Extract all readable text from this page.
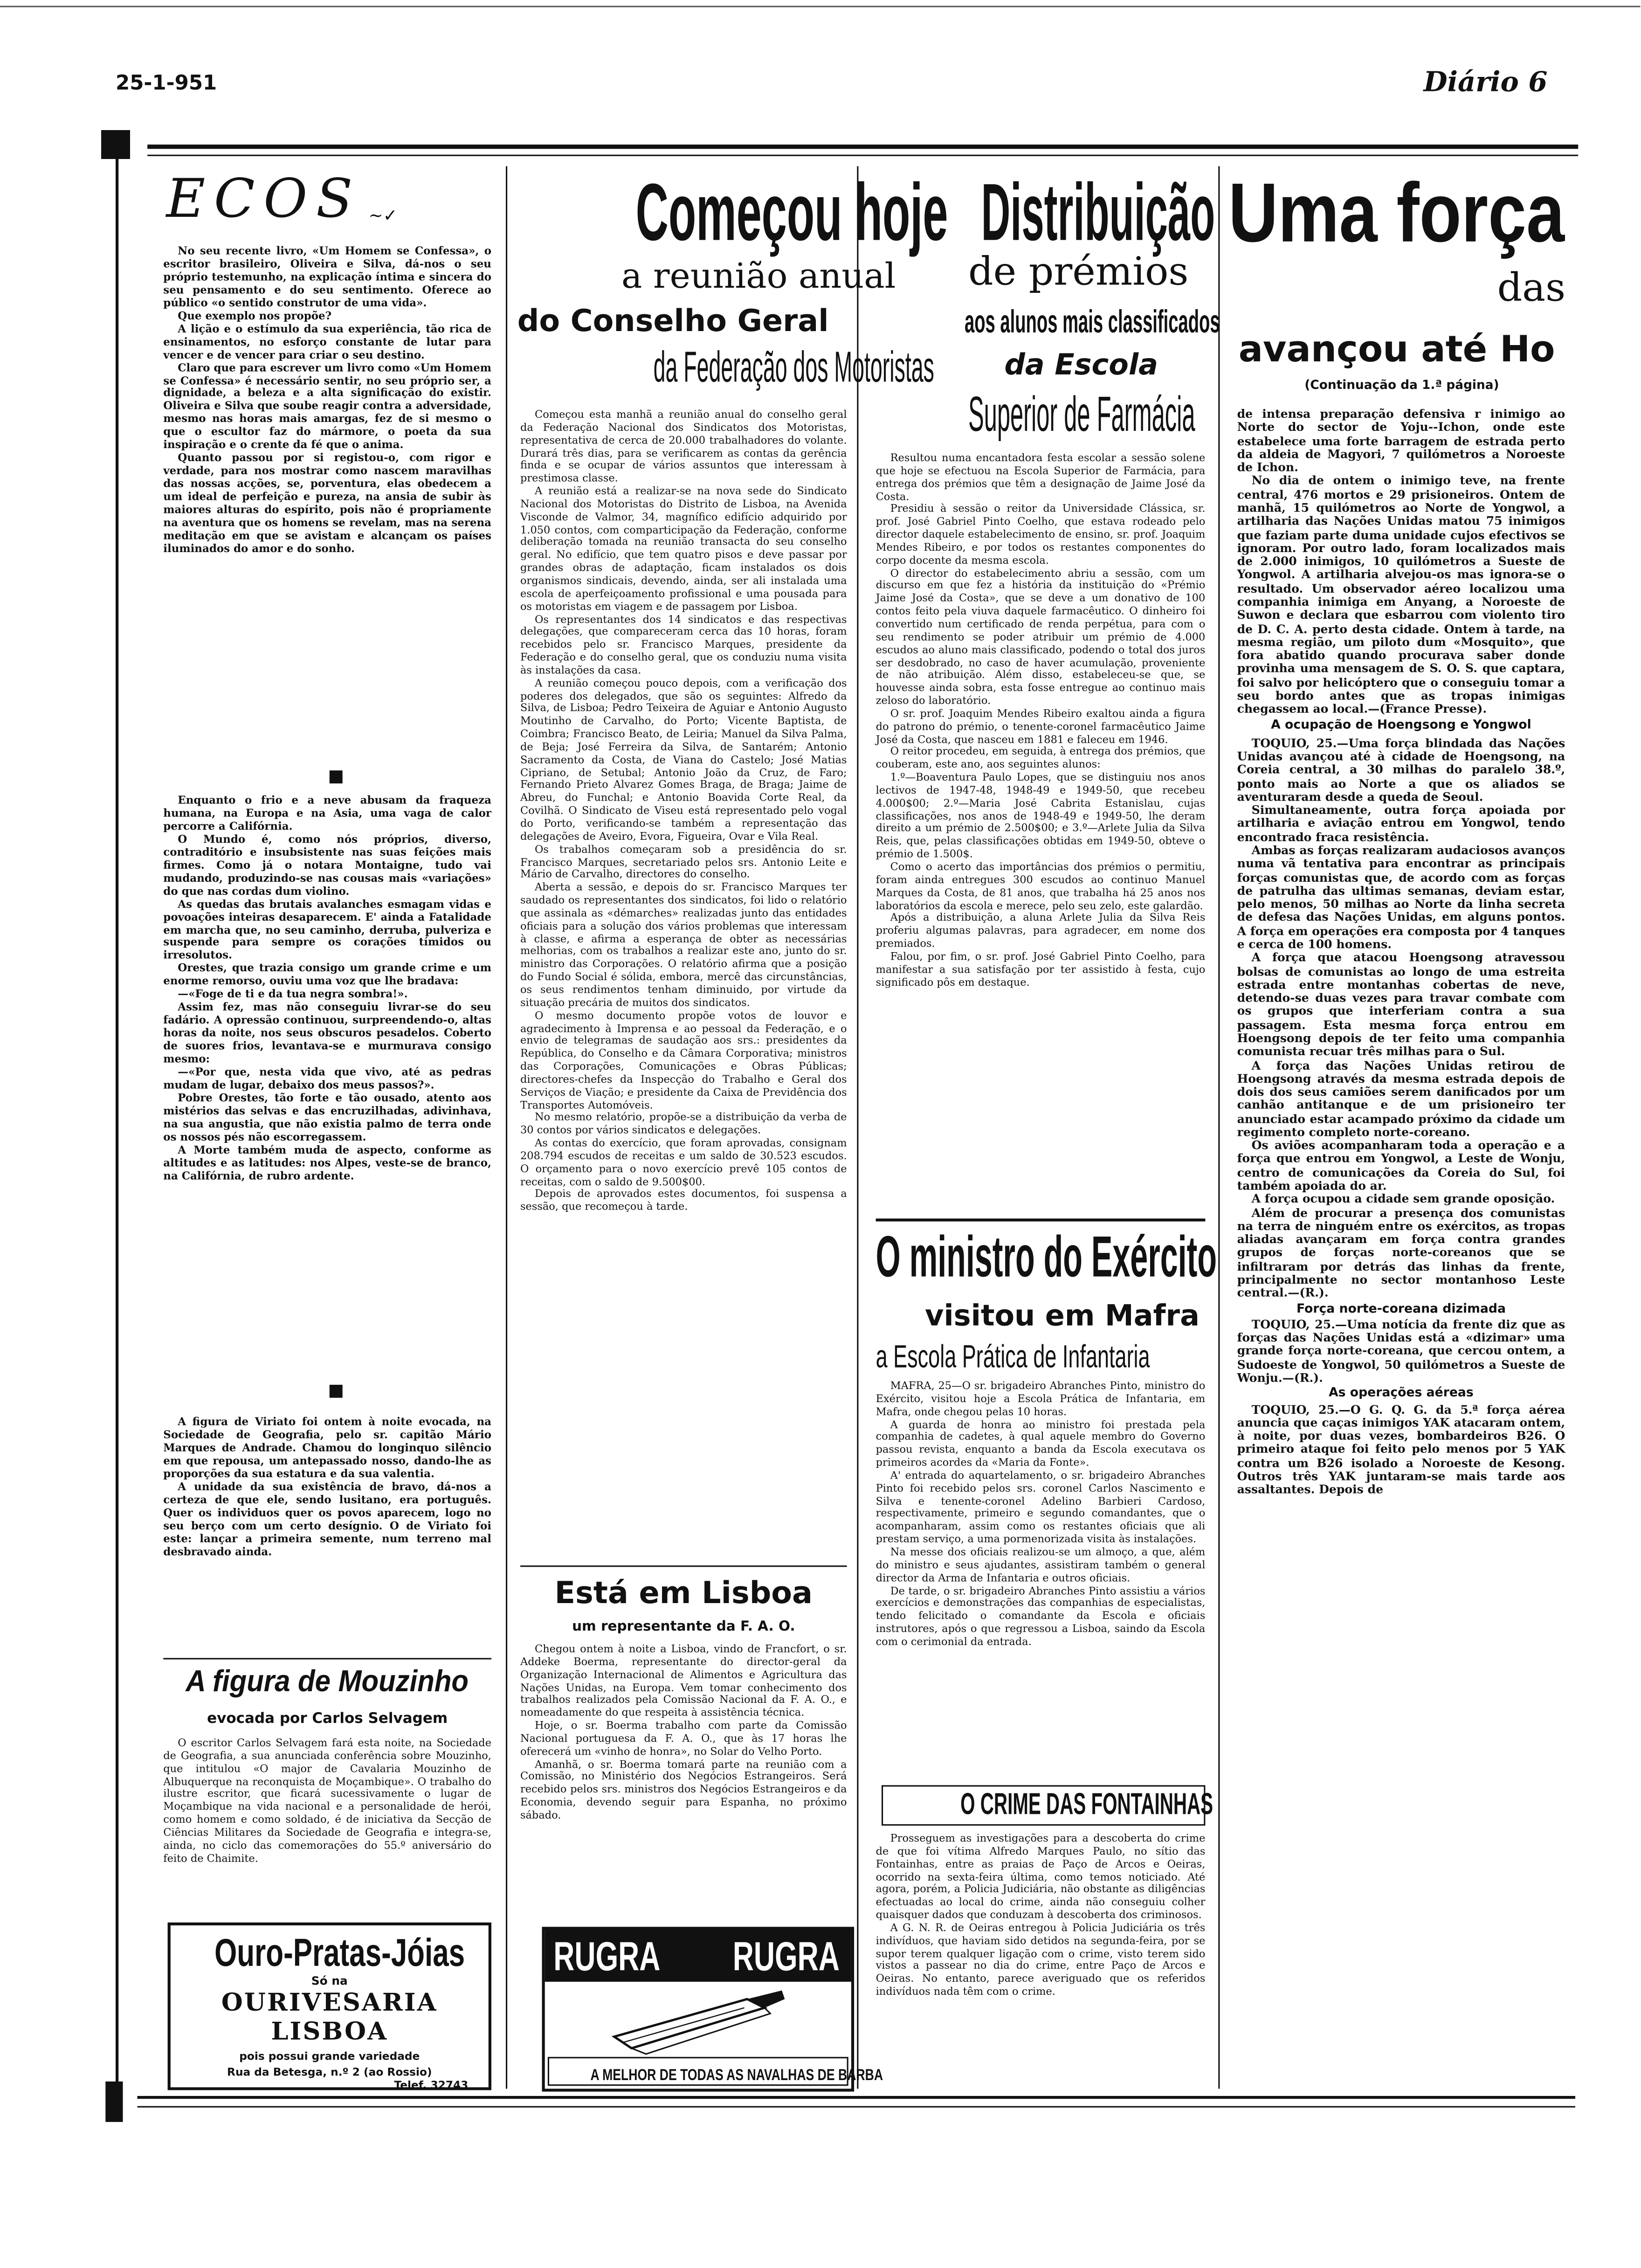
25-1-951	Diário 6
ECOS ~✓

No seu recente livro, «Um Homem se Confessa», o escritor brasileiro, Oliveira e Silva, dá-nos o seu próprio testemunho, na explicação íntima e sincera do seu pensamento e do seu sentimento. Oferece ao público «o sentido construtor de uma vida».

Que exemplo nos propõe?

A lição e o estímulo da sua experiência, tão rica de ensinamentos, no esforço constante de lutar para vencer e de vencer para criar o seu destino.

Claro que para escrever um livro como «Um Homem se Confessa» é necessário sentir, no seu próprio ser, a dignidade, a beleza e a alta significação do existir. Oliveira e Silva que soube reagir contra a adversidade, mesmo nas horas mais amargas, fez de si mesmo o que o escultor faz do mármore, o poeta da sua inspiração e o crente da fé que o anima.

Quanto passou por si registou-o, com rigor e verdade, para nos mostrar como nascem maravilhas das nossas acções, se, porventura, elas obedecem a um ideal de perfeição e pureza, na ansia de subir às maiores alturas do espírito, pois não é propriamente na aventura que os homens se revelam, mas na serena meditação em que se avistam e alcançam os países iluminados do amor e do sonho.

Enquanto o frio e a neve abusam da fraqueza humana, na Europa e na Asia, uma vaga de calor percorre a Califórnia.

O Mundo é, como nós próprios, diverso, contraditório e insubsistente nas suas feições mais firmes. Como já o notara Montaigne, tudo vai mudando, produzindo-se nas cousas mais «variações» do que nas cordas dum violino.

As quedas das brutais avalanches esmagam vidas e povoações inteiras desaparecem. E' ainda a Fatalidade em marcha que, no seu caminho, derruba, pulveriza e suspende para sempre os corações tímidos ou irresolutos.

Orestes, que trazia consigo um grande crime e um enorme remorso, ouviu uma voz que lhe bradava:

—«Foge de ti e da tua negra sombra!».

Assim fez, mas não conseguiu livrar-se do seu fadário. A opressão continuou, surpreendendo-o, altas horas da noite, nos seus obscuros pesadelos. Coberto de suores frios, levantava-se e murmurava consigo mesmo:

—«Por que, nesta vida que vivo, até as pedras mudam de lugar, debaixo dos meus passos?».

Pobre Orestes, tão forte e tão ousado, atento aos mistérios das selvas e das encruzilhadas, adivinhava, na sua angustia, que não existia palmo de terra onde os nossos pés não escorregassem.

A Morte também muda de aspecto, conforme as altitudes e as latitudes: nos Alpes, veste-se de branco, na Califórnia, de rubro ardente.

A figura de Viriato foi ontem à noite evocada, na Sociedade de Geografia, pelo sr. capitão Mário Marques de Andrade. Chamou do longinquo silêncio em que repousa, um antepassado nosso, dando-lhe as proporções da sua estatura e da sua valentia.

A unidade da sua existência de bravo, dá-nos a certeza de que ele, sendo lusitano, era português. Quer os individuos quer os povos aparecem, logo no seu berço com um certo desígnio. O de Viriato foi este: lançar a primeira semente, num terreno mal desbravado ainda.

A figura de Mouzinho
evocada por Carlos Selvagem

O escritor Carlos Selvagem fará esta noite, na Sociedade de Geografia, a sua anunciada conferência sobre Mouzinho, que intitulou «O major de Cavalaria Mouzinho de Albuquerque na reconquista de Moçambique». O trabalho do ilustre escritor, que ficará sucessivamente o lugar de Moçambique na vida nacional e a personalidade de herói, como homem e como soldado, é de iniciativa da Secção de Ciências Militares da Sociedade de Geografia e integra-se, ainda, no ciclo das comemorações do 55.º aniversário do feito de Chaimite.

Ouro-Pratas-Jóias
Só na
OURIVESARIA LISBOA
pois possui grande variedade
Rua da Betesga, n.º 2 (ao Rossio)
Telef. 32743
Começou hoje
a reunião anual
do Conselho Geral
da Federação dos Motoristas

Começou esta manhã a reunião anual do conselho geral da Federação Nacional dos Sindicatos dos Motoristas, representativa de cerca de 20.000 trabalhadores do volante. Durará três dias, para se verificarem as contas da gerência finda e se ocupar de vários assuntos que interessam à prestimosa classe.

A reunião está a realizar-se na nova sede do Sindicato Nacional dos Motoristas do Distrito de Lisboa, na Avenida Visconde de Valmor, 34, magnífico edifício adquirido por 1.050 contos, com comparticipação da Federação, conforme deliberação tomada na reunião transacta do seu conselho geral. No edifício, que tem quatro pisos e deve passar por grandes obras de adaptação, ficam instalados os dois organismos sindicais, devendo, ainda, ser ali instalada uma escola de aperfeiçoamento profissional e uma pousada para os motoristas em viagem e de passagem por Lisboa.

Os representantes dos 14 sindicatos e das respectivas delegações, que compareceram cerca das 10 horas, foram recebidos pelo sr. Francisco Marques, presidente da Federação e do conselho geral, que os conduziu numa visita às instalações da casa.

A reunião começou pouco depois, com a verificação dos poderes dos delegados, que são os seguintes: Alfredo da Silva, de Lisboa; Pedro Teixeira de Aguiar e Antonio Augusto Moutinho de Carvalho, do Porto; Vicente Baptista, de Coimbra; Francisco Beato, de Leiria; Manuel da Silva Palma, de Beja; José Ferreira da Silva, de Santarém; Antonio Sacramento da Costa, de Viana do Castelo; José Matias Cipriano, de Setubal; Antonio João da Cruz, de Faro; Fernando Prieto Alvarez Gomes Braga, de Braga; Jaime de Abreu, do Funchal; e Antonio Boavida Corte Real, da Covilhã. O Sindicato de Viseu está representado pelo vogal do Porto, verificando-se também a representação das delegações de Aveiro, Evora, Figueira, Ovar e Vila Real.

Os trabalhos começaram sob a presidência do sr. Francisco Marques, secretariado pelos srs. Antonio Leite e Mário de Carvalho, directores do conselho.

Aberta a sessão, e depois do sr. Francisco Marques ter saudado os representantes dos sindicatos, foi lido o relatório que assinala as «démarches» realizadas junto das entidades oficiais para a solução dos vários problemas que interessam à classe, e afirma a esperança de obter as necessárias melhorias, com os trabalhos a realizar este ano, junto do sr. ministro das Corporações. O relatório afirma que a posição do Fundo Social é sólida, embora, mercê das circunstâncias, os seus rendimentos tenham diminuido, por virtude da situação precária de muitos dos sindicatos.

O mesmo documento propõe votos de louvor e agradecimento à Imprensa e ao pessoal da Federação, e o envio de telegramas de saudação aos srs.: presidentes da República, do Conselho e da Câmara Corporativa; ministros das Corporações, Comunicações e Obras Públicas; directores-chefes da Inspecção do Trabalho e Geral dos Serviços de Viação; e presidente da Caixa de Previdência dos Transportes Automóveis.

No mesmo relatório, propõe-se a distribuição da verba de 30 contos por vários sindicatos e delegações.

As contas do exercício, que foram aprovadas, consignam 208.794 escudos de receitas e um saldo de 30.523 escudos. O orçamento para o novo exercício prevê 105 contos de receitas, com o saldo de 9.500$00.

Depois de aprovados estes documentos, foi suspensa a sessão, que recomeçou à tarde.

Está em Lisboa
um representante da F. A. O.

Chegou ontem à noite a Lisboa, vindo de Francfort, o sr. Addeke Boerma, representante do director-geral da Organização Internacional de Alimentos e Agricultura das Nações Unidas, na Europa. Vem tomar conhecimento dos trabalhos realizados pela Comissão Nacional da F. A. O., e nomeadamente do que respeita à assistência técnica.

Hoje, o sr. Boerma trabalho com parte da Comissão Nacional portuguesa da F. A. O., que às 17 horas lhe oferecerá um «vinho de honra», no Solar do Velho Porto.

Amanhã, o sr. Boerma tomará parte na reunião com a Comissão, no Ministério dos Negócios Estrangeiros. Será recebido pelos srs. ministros dos Negócios Estrangeiros e da Economia, devendo seguir para Espanha, no próximo sábado.

RUGRA	RUGRA
A MELHOR DE TODAS AS NAVALHAS DE BARBA
Distribuição
de prémios
aos alunos mais classificados
da Escola
Superior de Farmácia

Resultou numa encantadora festa escolar a sessão solene que hoje se efectuou na Escola Superior de Farmácia, para entrega dos prémios que têm a designação de Jaime José da Costa.

Presidiu à sessão o reitor da Universidade Clássica, sr. prof. José Gabriel Pinto Coelho, que estava rodeado pelo director daquele estabelecimento de ensino, sr. prof. Joaquim Mendes Ribeiro, e por todos os restantes componentes do corpo docente da mesma escola.

O director do estabelecimento abriu a sessão, com um discurso em que fez a história da instituição do «Prémio Jaime José da Costa», que se deve a um donativo de 100 contos feito pela viuva daquele farmacêutico. O dinheiro foi convertido num certificado de renda perpétua, para com o seu rendimento se poder atribuir um prémio de 4.000 escudos ao aluno mais classificado, podendo o total dos juros ser desdobrado, no caso de haver acumulação, proveniente de não atribuição. Além disso, estabeleceu-se que, se houvesse ainda sobra, esta fosse entregue ao continuo mais zeloso do laboratório.

O sr. prof. Joaquim Mendes Ribeiro exaltou ainda a figura do patrono do prémio, o tenente-coronel farmacêutico Jaime José da Costa, que nasceu em 1881 e faleceu em 1946.

O reitor procedeu, em seguida, à entrega dos prémios, que couberam, este ano, aos seguintes alunos:

1.º—Boaventura Paulo Lopes, que se distinguiu nos anos lectivos de 1947-48, 1948-49 e 1949-50, que recebeu 4.000$00; 2.º—Maria José Cabrita Estanislau, cujas classificações, nos anos de 1948-49 e 1949-50, lhe deram direito a um prémio de 2.500$00; e 3.º—Arlete Julia da Silva Reis, que, pelas classificações obtidas em 1949-50, obteve o prémio de 1.500$.

Como o acerto das importâncias dos prémios o permitiu, foram ainda entregues 300 escudos ao continuo Manuel Marques da Costa, de 81 anos, que trabalha há 25 anos nos laboratórios da escola e merece, pelo seu zelo, este galardão.

Após a distribuição, a aluna Arlete Julia da Silva Reis proferiu algumas palavras, para agradecer, em nome dos premiados.

Falou, por fim, o sr. prof. José Gabriel Pinto Coelho, para manifestar a sua satisfação por ter assistido à festa, cujo significado pôs em destaque.

O ministro do Exército
visitou em Mafra
a Escola Prática de Infantaria

MAFRA, 25—O sr. brigadeiro Abranches Pinto, ministro do Exército, visitou hoje a Escola Prática de Infantaria, em Mafra, onde chegou pelas 10 horas.

A guarda de honra ao ministro foi prestada pela companhia de cadetes, à qual aquele membro do Governo passou revista, enquanto a banda da Escola executava os primeiros acordes da «Maria da Fonte».

A' entrada do aquartelamento, o sr. brigadeiro Abranches Pinto foi recebido pelos srs. coronel Carlos Nascimento e Silva e tenente-coronel Adelino Barbieri Cardoso, respectivamente, primeiro e segundo comandantes, que o acompanharam, assim como os restantes oficiais que ali prestam serviço, a uma pormenorizada visita às instalações.

Na messe dos oficiais realizou-se um almoço, a que, além do ministro e seus ajudantes, assistiram também o general director da Arma de Infantaria e outros oficiais.

De tarde, o sr. brigadeiro Abranches Pinto assistiu a vários exercícios e demonstrações das companhias de especialistas, tendo felicitado o comandante da Escola e oficiais instrutores, após o que regressou a Lisboa, saindo da Escola com o cerimonial da entrada.

O CRIME DAS FONTAINHAS

Prosseguem as investigações para a descoberta do crime de que foi vítima Alfredo Marques Paulo, no sítio das Fontainhas, entre as praias de Paço de Arcos e Oeiras, ocorrido na sexta-feira última, como temos noticiado. Até agora, porém, a Policia Judiciária, não obstante as diligências efectuadas ao local do crime, ainda não conseguiu colher quaisquer dados que conduzam à descoberta dos criminosos.

A G. N. R. de Oeiras entregou à Policia Judiciária os três indivíduos, que haviam sido detidos na segunda-feira, por se supor terem qualquer ligação com o crime, visto terem sido vistos a passear no dia do crime, entre Paço de Arcos e Oeiras. No entanto, parece averiguado que os referidos indivíduos nada têm com o crime.

Uma força
das
avançou até Ho
(Continuação da 1.ª página)

de intensa preparação defensiva r inimigo ao Norte do sector de Yoju--Ichon, onde este estabelece uma forte barragem de estrada perto da aldeia de Magyori, 7 quilómetros a Noroeste de Ichon.

No dia de ontem o inimigo teve, na frente central, 476 mortos e 29 prisioneiros. Ontem de manhã, 15 quilómetros ao Norte de Yongwol, a artilharia das Nações Unidas matou 75 inimigos que faziam parte duma unidade cujos efectivos se ignoram. Por outro lado, foram localizados mais de 2.000 inimigos, 10 quilómetros a Sueste de Yongwol. A artilharia alvejou-os mas ignora-se o resultado. Um observador aéreo localizou uma companhia inimiga em Anyang, a Noroeste de Suwon e declara que esbarrou com violento tiro de D. C. A. perto desta cidade. Ontem à tarde, na mesma região, um piloto dum «Mosquito», que fora abatido quando procurava saber donde provinha uma mensagem de S. O. S. que captara, foi salvo por helicóptero que o conseguiu tomar a seu bordo antes que as tropas inimigas chegassem ao local.—(France Presse).

A ocupação de Hoengsong e Yongwol

TOQUIO, 25.—Uma força blindada das Nações Unidas avançou até à cidade de Hoengsong, na Coreia central, a 30 milhas do paralelo 38.º, ponto mais ao Norte a que os aliados se aventuraram desde a queda de Seoul.

Simultaneamente, outra força apoiada por artilharia e aviação entrou em Yongwol, tendo encontrado fraca resistência.

Ambas as forças realizaram audaciosos avanços numa vã tentativa para encontrar as principais forças comunistas que, de acordo com as forças de patrulha das ultimas semanas, deviam estar, pelo menos, 50 milhas ao Norte da linha secreta de defesa das Nações Unidas, em alguns pontos. A força em operações era composta por 4 tanques e cerca de 100 homens.

A força que atacou Hoengsong atravessou bolsas de comunistas ao longo de uma estreita estrada entre montanhas cobertas de neve, detendo-se duas vezes para travar combate com os grupos que interferiam contra a sua passagem. Esta mesma força entrou em Hoengsong depois de ter feito uma companhia comunista recuar três milhas para o Sul.

A força das Nações Unidas retirou de Hoengsong através da mesma estrada depois de dois dos seus camiões serem danificados por um canhão antitanque e de um prisioneiro ter anunciado estar acampado próximo da cidade um regimento completo norte-coreano.

Os aviões acompanharam toda a operação e a força que entrou em Yongwol, a Leste de Wonju, centro de comunicações da Coreia do Sul, foi também apoiada do ar.

A força ocupou a cidade sem grande oposição.

Além de procurar a presença dos comunistas na terra de ninguém entre os exércitos, as tropas aliadas avançaram em força contra grandes grupos de forças norte-coreanos que se infiltraram por detrás das linhas da frente, principalmente no sector montanhoso Leste central.—(R.).

Força norte-coreana dizimada

TOQUIO, 25.—Uma notícia da frente diz que as forças das Nações Unidas está a «dizimar» uma grande força norte-coreana, que cercou ontem, a Sudoeste de Yongwol, 50 quilómetros a Sueste de Wonju.—(R.).

As operações aéreas

TOQUIO, 25.—O G. Q. G. da 5.ª força aérea anuncia que caças inimigos YAK atacaram ontem, à noite, por duas vezes, bombardeiros B26. O primeiro ataque foi feito pelo menos por 5 YAK contra um B26 isolado a Noroeste de Kesong. Outros três YAK juntaram-se mais tarde aos assaltantes. Depois de
